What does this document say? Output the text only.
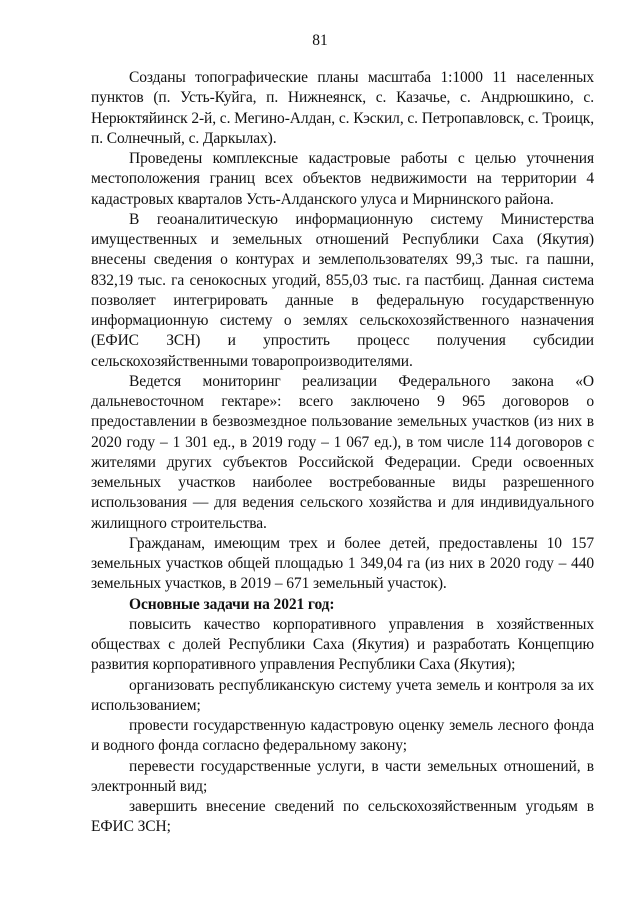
81

Созданы топографические планы масштаба 1:1000 11 населенных пунктов (п. Усть-Куйга, п. Нижнеянск, с. Казачье, с. Андрюшкино, с. Нерюктяйинск 2-й, с. Мегино-Алдан, с. Кэскил, с. Петропавловск, с. Троицк, п. Солнечный, с. Даркылах).

Проведены комплексные кадастровые работы с целью уточнения местоположения границ всех объектов недвижимости на территории 4 кадастровых кварталов Усть-Алданского улуса и Мирнинского района.

В геоаналитическую информационную систему Министерства имущественных и земельных отношений Республики Саха (Якутия) внесены сведения о контурах и землепользователях 99,3 тыс. га пашни, 832,19 тыс. га сенокосных угодий, 855,03 тыс. га пастбищ. Данная система позволяет интегрировать данные в федеральную государственную информационную систему о землях сельскохозяйственного назначения (ЕФИС ЗСН) и упростить процесс получения субсидии сельскохозяйственными товаропроизводителями.

Ведется мониторинг реализации Федерального закона «О дальневосточном гектаре»: всего заключено 9 965 договоров о предоставлении в безвозмездное пользование земельных участков (из них в 2020 году – 1 301 ед., в 2019 году – 1 067 ед.), в том числе 114 договоров с жителями других субъектов Российской Федерации. Среди освоенных земельных участков наиболее востребованные виды разрешенного использования — для ведения сельского хозяйства и для индивидуального жилищного строительства.

Гражданам, имеющим трех и более детей, предоставлены 10 157 земельных участков общей площадью 1 349,04 га (из них в 2020 году – 440 земельных участков, в 2019 – 671 земельный участок).

Основные задачи на 2021 год:

повысить качество корпоративного управления в хозяйственных обществах с долей Республики Саха (Якутия) и разработать Концепцию развития корпоративного управления Республики Саха (Якутия);

организовать республиканскую систему учета земель и контроля за их использованием;

провести государственную кадастровую оценку земель лесного фонда и водного фонда согласно федеральному закону;

перевести государственные услуги, в части земельных отношений, в электронный вид;

завершить внесение сведений по сельскохозяйственным угодьям в ЕФИС ЗСН;
